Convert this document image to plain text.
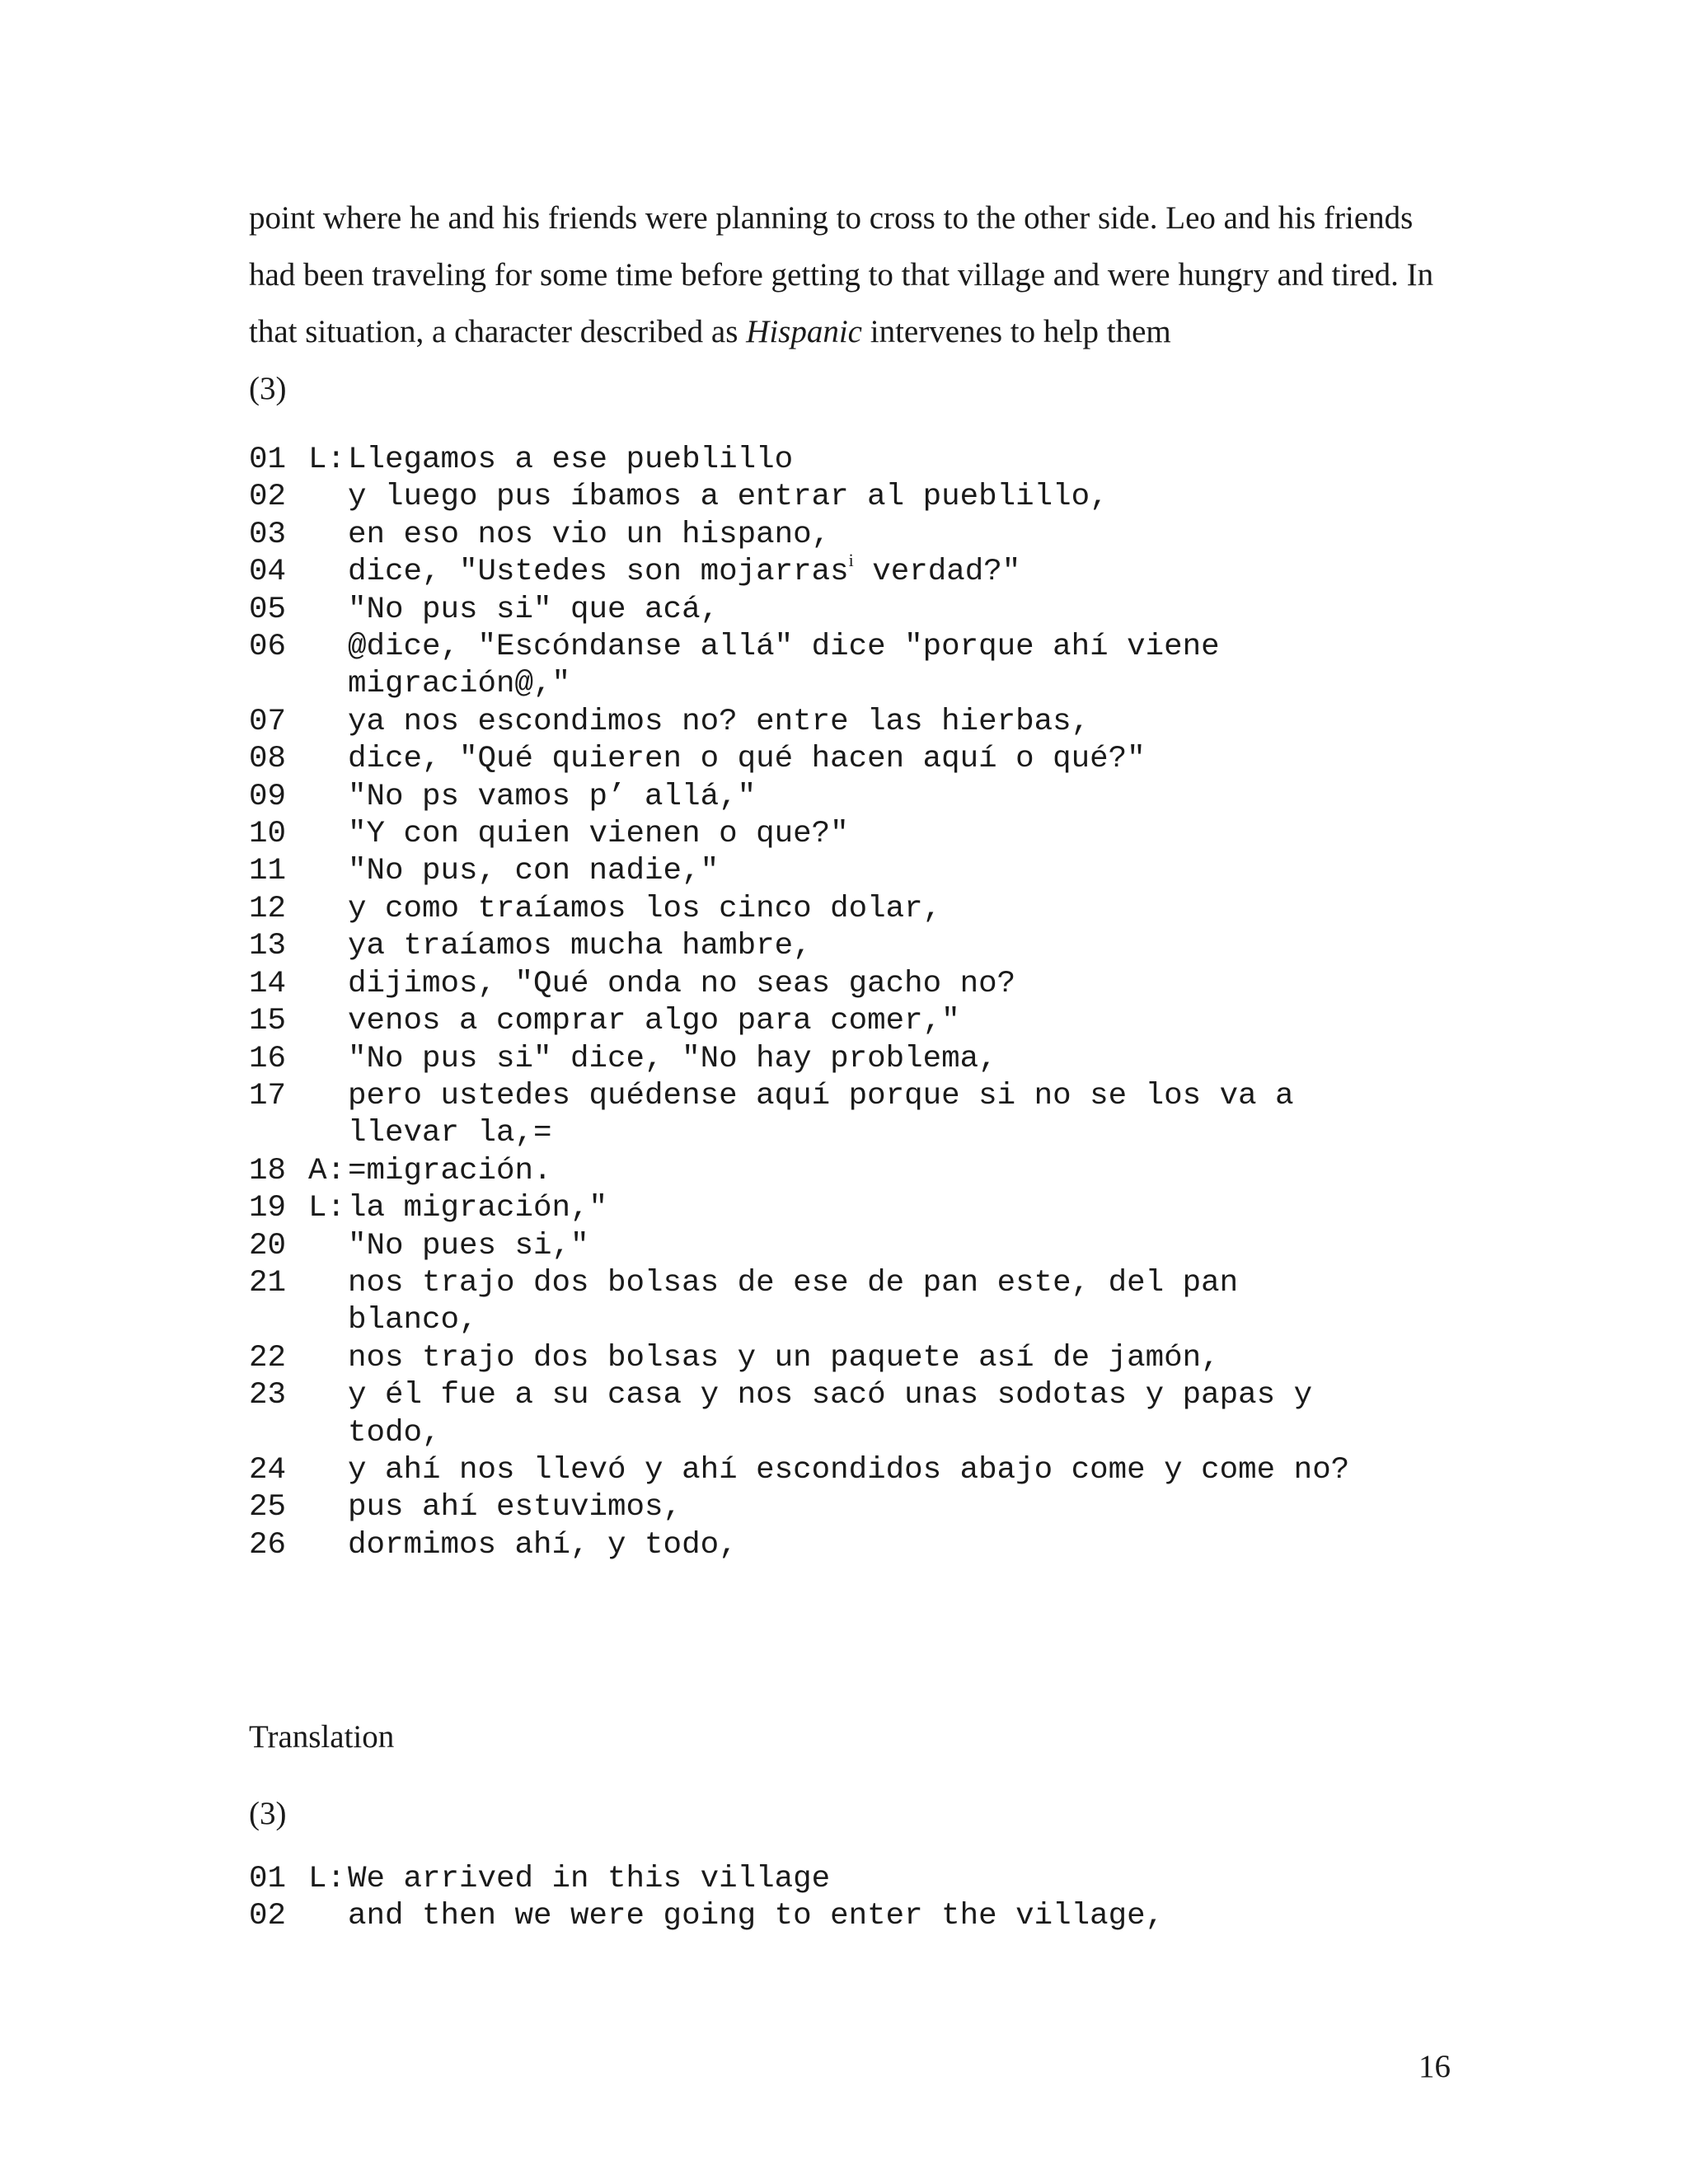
point where he and his friends were planning to cross to the other side. Leo and his friends had been traveling for some time before getting to that village and were hungry and tired. In that situation, a character described as Hispanic intervenes to help them

(3)

01 L: Llegamos a ese pueblillo
02	y luego pus íbamos a entrar al pueblillo,
03	en eso nos vio un hispano,
04	dice, "Ustedes son mojarras$^i$ verdad?"
05	"No pus si" que acá,
06	@dice, "Escóndanse allá" dice "porque ahí viene
migración@,"
07	ya nos escondimos no? entre las hierbas,
08	dice, "Qué quieren o qué hacen aquí o qué?"
09	"No ps vamos p’ allá,"
10	"Y con quien vienen o que?"
11	"No pus, con nadie,"
12	y como traíamos los cinco dolar,
13	ya traíamos mucha hambre,
14	dijimos, "Qué onda no seas gacho no?
15	venos a comprar algo para comer,"
16	"No pus si" dice, "No hay problema,
17	pero ustedes quédense aquí porque si no se los va a
llevar la,=
18 A: =migración.
19 L: la migración,"
20	"No pues si,"
21	nos trajo dos bolsas de ese de pan este, del pan
blanco,
22	nos trajo dos bolsas y un paquete así de jamón,
23	y él fue a su casa y nos sacó unas sodotas y papas y
todo,
24	y ahí nos llevó y ahí escondidos abajo come y come no?
25	pus ahí estuvimos,
26	dormimos ahí, y todo,
Translation
(3)
01 L: We arrived in this village
02	and then we were going to enter the village,
16
